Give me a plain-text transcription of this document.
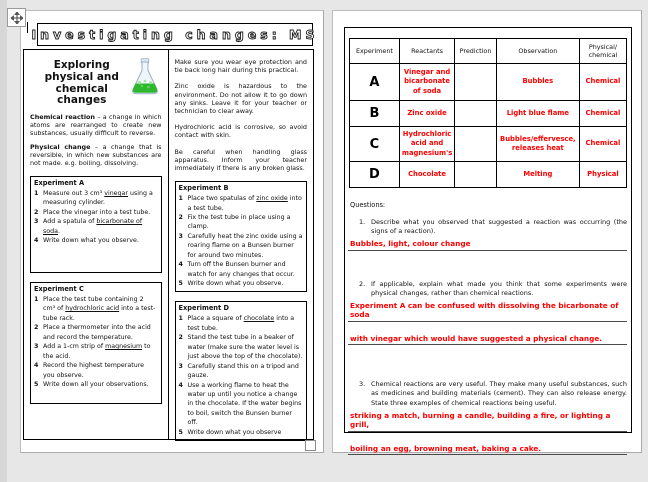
Investigating changes: MS
Exploring physical and chemical changes

Chemical reaction – a change in which atoms are rearranged to create new substances, usually difficult to reverse.

Physical change – a change that is reversible, in which new substances are not made. e.g. boiling, dissolving.

Experiment A
1 Measure out 3 cm³ vinegar using a measuring cylinder.
2 Place the vinegar into a test tube.
3 Add a spatula of bicarbonate of soda.
4 Write down what you observe.
Experiment C
1 Place the test tube containing 2 cm³ of hydrochloric acid into a test-tube rack.
2 Place a thermometer into the acid and record the temperature.
3 Add a 1-cm strip of magnesium to the acid.
4 Record the highest temperature you observe.
5 Write down all your observations.

Make sure you wear eye protection and tie back long hair during this practical.

Zinc oxide is hazardous to the environment. Do not allow it to go down any sinks. Leave it for your teacher or technician to clear away.

Hydrochloric acid is corrosive, so avoid contact with skin.

Be careful when handling glass apparatus. Inform your teacher immediately if there is any broken glass.

Experiment B
1 Place two spatulas of zinc oxide into a test tube.
2 Fix the test tube in place using a clamp.
3 Carefully heat the zinc oxide using a roaring flame on a Bunsen burner for around two minutes.
4 Turn off the Bunsen burner and watch for any changes that occur.
5 Write down what you observe.
Experiment D
1 Place a square of chocolate into a test tube.
2 Stand the test tube in a beaker of water (make sure the water level is just above the top of the chocolate).
3 Carefully stand this on a tripod and gauze.
4 Use a working flame to heat the water up until you notice a change in the chocolate. If the water begins to boil, switch the Bunsen burner off.
5 Write down what you observe
Experiment	Reactants	Prediction	Observation	Physical/ chemical
A	Vinegar and bicarbonate of soda		Bubbles	Chemical
B	Zinc oxide		Light blue flame	Chemical
C	Hydrochloric acid and magnesium's		Bubbles/effervesce, releases heat	Chemical
D	Chocolate		Melting	Physical
Questions:
1. Describe what you observed that suggested a reaction was occurring (the signs of a reaction).
Bubbles, light, colour change
2. If applicable, explain what made you think that some experiments were physical changes, rather than chemical reactions.
Experiment A can be confused with dissolving the bicarbonate of soda
with vinegar which would have suggested a physical change.
3. Chemical reactions are very useful. They make many useful substances, such as medicines and building materials (cement). They can also release energy. State three examples of chemical reactions being useful.
striking a match, burning a candle, building a fire, or lighting a grill,
boiling an egg, browning meat, baking a cake.
